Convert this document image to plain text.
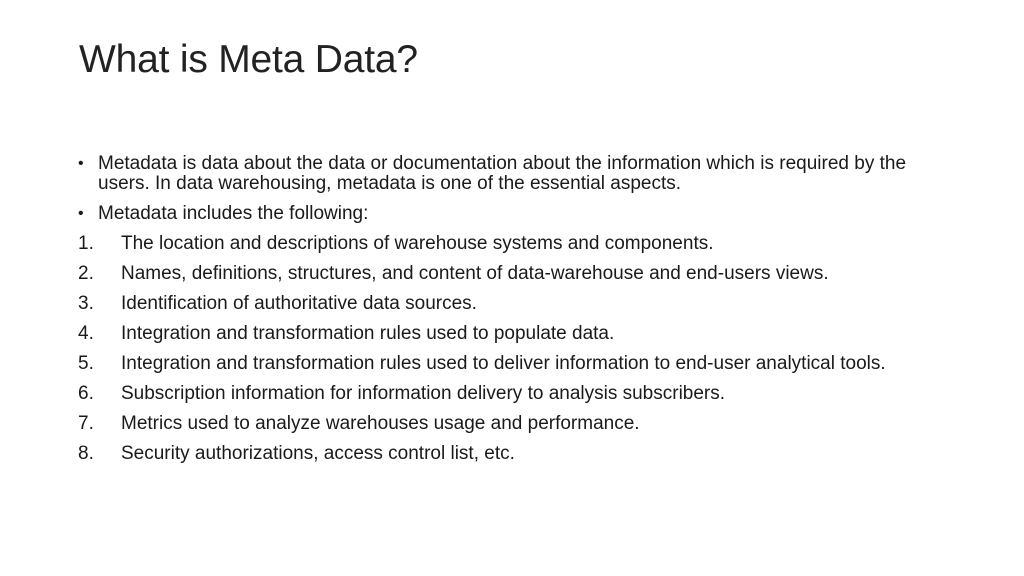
What is Meta Data?
• Metadata is data about the data or documentation about the information which is required by the users. In data warehousing, metadata is one of the essential aspects.
• Metadata includes the following:
1.	The location and descriptions of warehouse systems and components.
2.	Names, definitions, structures, and content of data-warehouse and end-users views.
3.	Identification of authoritative data sources.
4.	Integration and transformation rules used to populate data.
5.	Integration and transformation rules used to deliver information to end-user analytical tools.
6.	Subscription information for information delivery to analysis subscribers.
7.	Metrics used to analyze warehouses usage and performance.
8.	Security authorizations, access control list, etc.
